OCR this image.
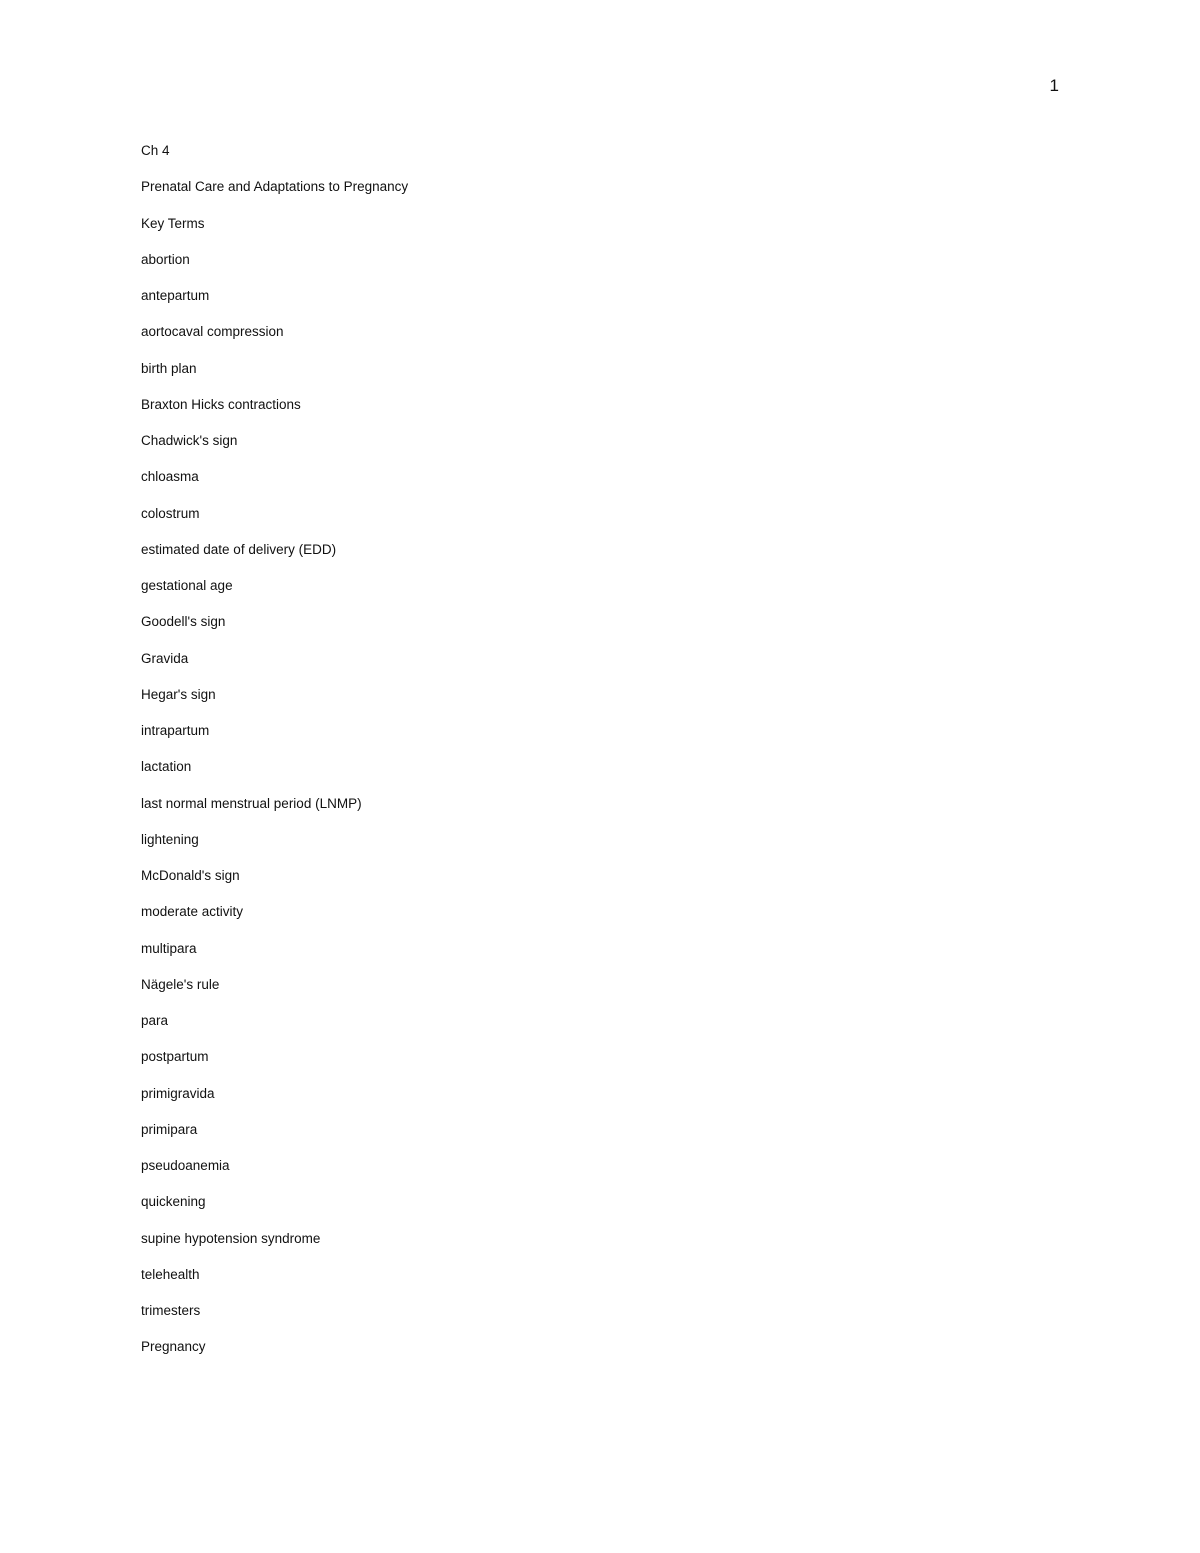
1
Ch 4
Prenatal Care and Adaptations to Pregnancy
Key Terms
abortion
antepartum
aortocaval compression
birth plan
Braxton Hicks contractions
Chadwick's sign
chloasma
colostrum
estimated date of delivery (EDD)
gestational age
Goodell's sign
Gravida
Hegar's sign
intrapartum
lactation
last normal menstrual period (LNMP)
lightening
McDonald's sign
moderate activity
multipara
Nägele's rule
para
postpartum
primigravida
primipara
pseudoanemia
quickening
supine hypotension syndrome
telehealth
trimesters
Pregnancy
